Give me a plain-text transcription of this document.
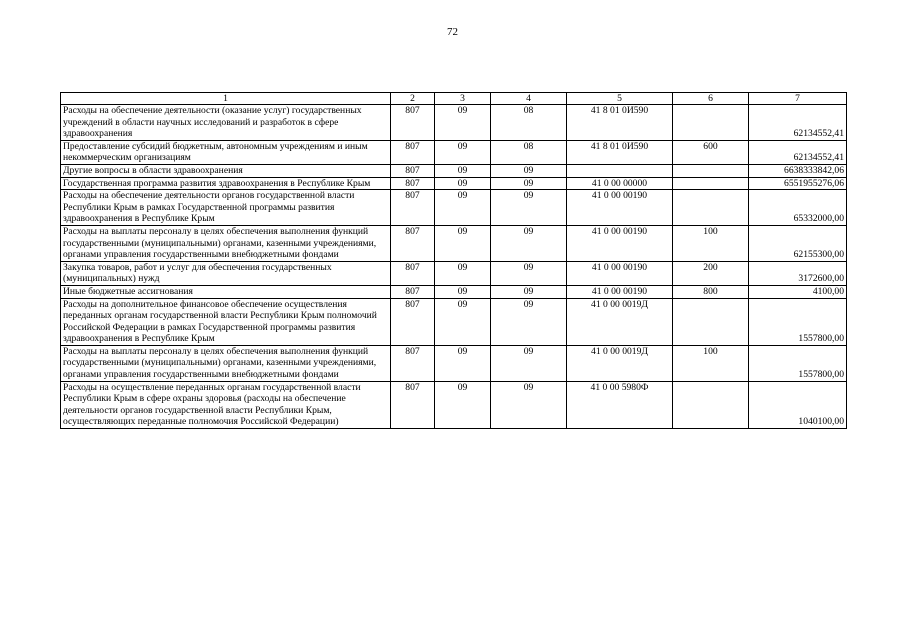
72
1	2	3	4	5	6	7
Расходы на обеспечение деятельности (оказание услуг) государственных учреждений в области научных исследований и разработок в сфере здравоохранения	807	09	08	41 8 01 0И590		62134552,41
Предоставление субсидий бюджетным, автономным учреждениям и иным некоммерческим организациям	807	09	08	41 8 01 0И590	600	62134552,41
Другие вопросы в области здравоохранения	807	09	09			6638333842,06
Государственная программа развития здравоохранения в Республике Крым	807	09	09	41 0 00 00000		6551955276,06
Расходы на обеспечение деятельности органов государственной власти Республики Крым в рамках Государственной программы развития здравоохранения в Республике Крым	807	09	09	41 0 00 00190		65332000,00
Расходы на выплаты персоналу в целях обеспечения выполнения функций государственными (муниципальными) органами, казенными учреждениями, органами управления государственными внебюджетными фондами	807	09	09	41 0 00 00190	100	62155300,00
Закупка товаров, работ и услуг для обеспечения государственных (муниципальных) нужд	807	09	09	41 0 00 00190	200	3172600,00
Иные бюджетные ассигнования	807	09	09	41 0 00 00190	800	4100,00
Расходы на дополнительное финансовое обеспечение осуществления переданных органам государственной власти Республики Крым полномочий Российской Федерации в рамках Государственной программы развития здравоохранения в Республике Крым	807	09	09	41 0 00 0019Д		1557800,00
Расходы на выплаты персоналу в целях обеспечения выполнения функций государственными (муниципальными) органами, казенными учреждениями, органами управления государственными внебюджетными фондами	807	09	09	41 0 00 0019Д	100	1557800,00
Расходы на осуществление переданных органам государственной власти Республики Крым в сфере охраны здоровья (расходы на обеспечение деятельности органов государственной власти Республики Крым, осуществляющих переданные полномочия Российской Федерации)	807	09	09	41 0 00 5980Ф		1040100,00
